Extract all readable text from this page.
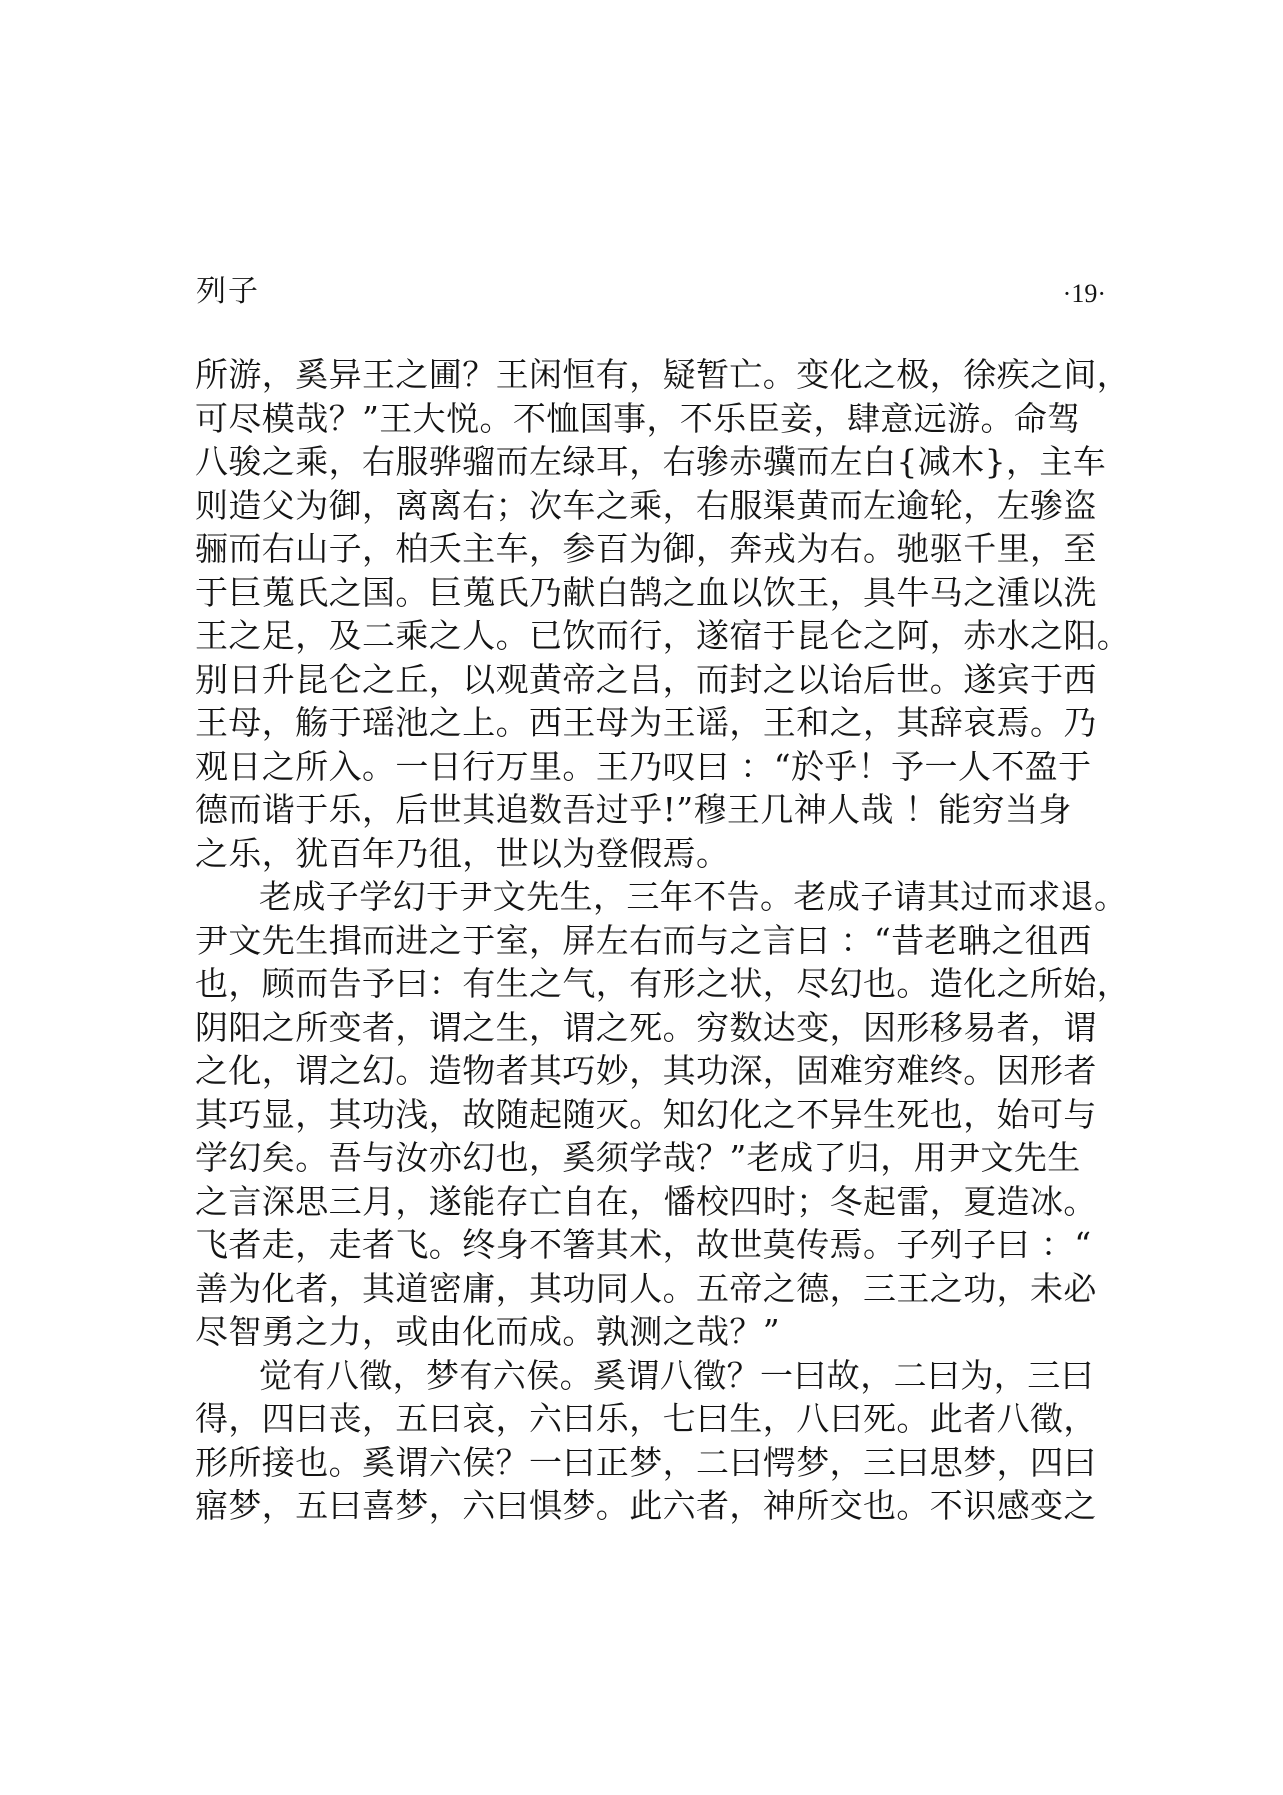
列子	·19·
所游，奚异王之圃？王闲恒有，疑暂亡。变化之极，徐疾之间，
可尽模哉？”王大悦。不恤国事，不乐臣妾，肆意远游。命驾
八骏之乘，右服骅骝而左绿耳，右骖赤骥而左白{减木}，主车
则造父为御，离离右；次车之乘，右服渠黄而左逾轮，左骖盗
骊而右山子，柏夭主车，参百为御，奔戎为右。驰驱千里，至
于巨蒐氏之国。巨蒐氏乃献白鹄之血以饮王，具牛马之湩以洗
王之足，及二乘之人。已饮而行，遂宿于昆仑之阿，赤水之阳。
别日升昆仑之丘，以观黄帝之吕，而封之以诒后世。遂宾于西
王母，觞于瑶池之上。西王母为王谣，王和之，其辞哀焉。乃
观日之所入。一日行万里。王乃叹曰 ：“於乎！予一人不盈于
德而谐于乐，后世其追数吾过乎!”穆王几神人哉 ！能穷当身
之乐，犹百年乃徂，世以为登假焉。
老成子学幻于尹文先生，三年不告。老成子请其过而求退。
尹文先生揖而进之于室，屏左右而与之言曰 ：“昔老聃之徂西
也，顾而告予曰：有生之气，有形之状，尽幻也。造化之所始，
阴阳之所变者，谓之生，谓之死。穷数达变，因形移易者，谓
之化，谓之幻。造物者其巧妙，其功深，固难穷难终。因形者
其巧显，其功浅，故随起随灭。知幻化之不异生死也，始可与
学幻矣。吾与汝亦幻也，奚须学哉？”老成了归，用尹文先生
之言深思三月，遂能存亡自在，憣校四时；冬起雷，夏造冰。
飞者走，走者飞。终身不箸其术，故世莫传焉。子列子曰 ：“
善为化者，其道密庸，其功同人。五帝之德，三王之功，未必
尽智勇之力，或由化而成。孰测之哉？”
觉有八徵，梦有六侯。奚谓八徵？一曰故，二曰为，三曰
得，四曰丧，五曰哀，六曰乐，七曰生，八曰死。此者八徵，
形所接也。奚谓六侯？一曰正梦，二曰愕梦，三曰思梦，四曰
寤梦，五曰喜梦，六曰惧梦。此六者，神所交也。不识感变之
